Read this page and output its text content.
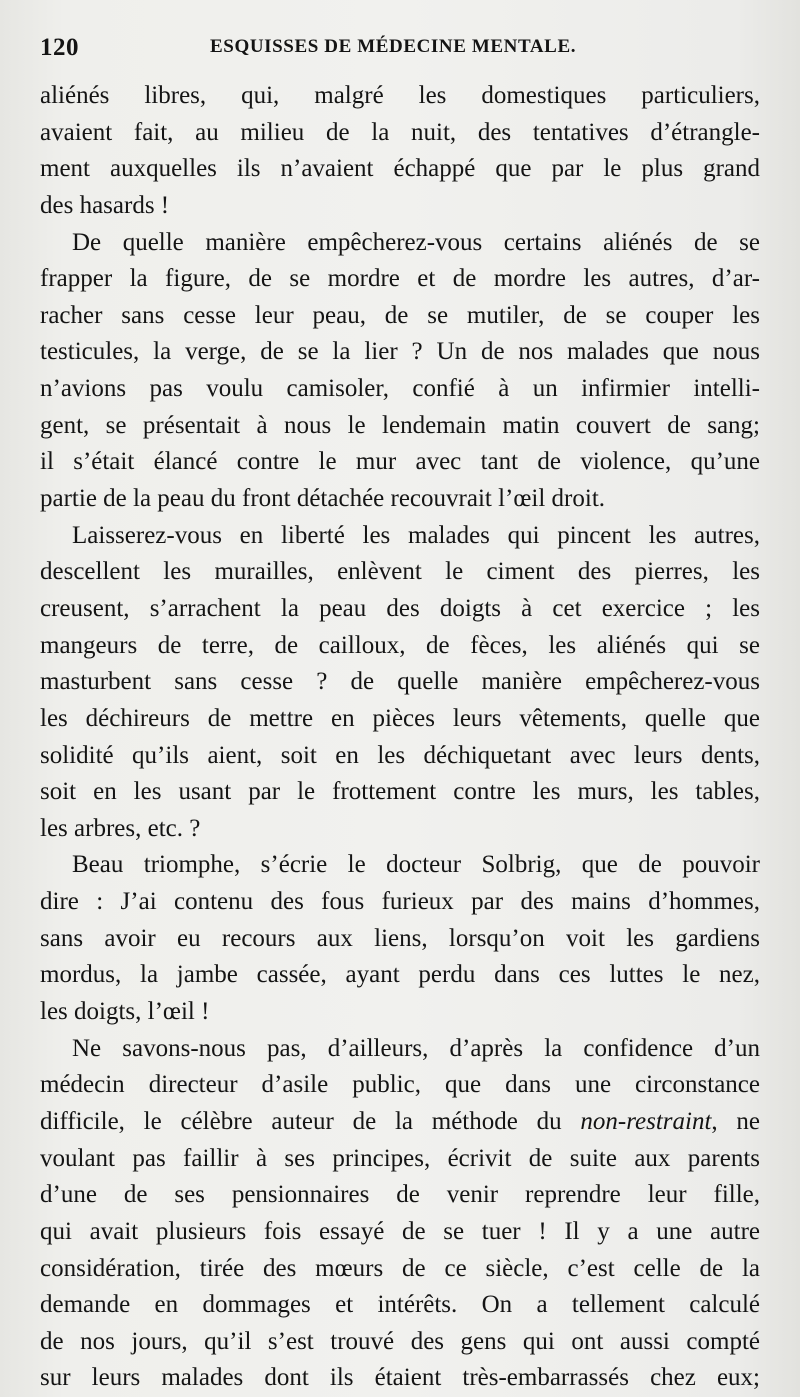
120	ESQUISSES DE MÉDECINE MENTALE.
aliénés libres, qui, malgré les domestiques particuliers,
avaient fait, au milieu de la nuit, des tentatives d’étrangle-
ment auxquelles ils n’avaient échappé que par le plus grand
des hasards !
De quelle manière empêcherez-vous certains aliénés de se
frapper la figure, de se mordre et de mordre les autres, d’ar-
racher sans cesse leur peau, de se mutiler, de se couper les
testicules, la verge, de se la lier ? Un de nos malades que nous
n’avions pas voulu camisoler, confié à un infirmier intelli-
gent, se présentait à nous le lendemain matin couvert de sang;
il s’était élancé contre le mur avec tant de violence, qu’une
partie de la peau du front détachée recouvrait l’œil droit.
Laisserez-vous en liberté les malades qui pincent les autres,
descellent les murailles, enlèvent le ciment des pierres, les
creusent, s’arrachent la peau des doigts à cet exercice ; les
mangeurs de terre, de cailloux, de fèces, les aliénés qui se
masturbent sans cesse ? de quelle manière empêcherez-vous
les déchireurs de mettre en pièces leurs vêtements, quelle que
solidité qu’ils aient, soit en les déchiquetant avec leurs dents,
soit en les usant par le frottement contre les murs, les tables,
les arbres, etc. ?
Beau triomphe, s’écrie le docteur Solbrig, que de pouvoir
dire : J’ai contenu des fous furieux par des mains d’hommes,
sans avoir eu recours aux liens, lorsqu’on voit les gardiens
mordus, la jambe cassée, ayant perdu dans ces luttes le nez,
les doigts, l’œil !
Ne savons-nous pas, d’ailleurs, d’après la confidence d’un
médecin directeur d’asile public, que dans une circonstance
difficile, le célèbre auteur de la méthode du non-restraint, ne
voulant pas faillir à ses principes, écrivit de suite aux parents
d’une de ses pensionnaires de venir reprendre leur fille,
qui avait plusieurs fois essayé de se tuer ! Il y a une autre
considération, tirée des mœurs de ce siècle, c’est celle de la
demande en dommages et intérêts. On a tellement calculé
de nos jours, qu’il s’est trouvé des gens qui ont aussi compté
sur leurs malades dont ils étaient très-embarrassés chez eux;
